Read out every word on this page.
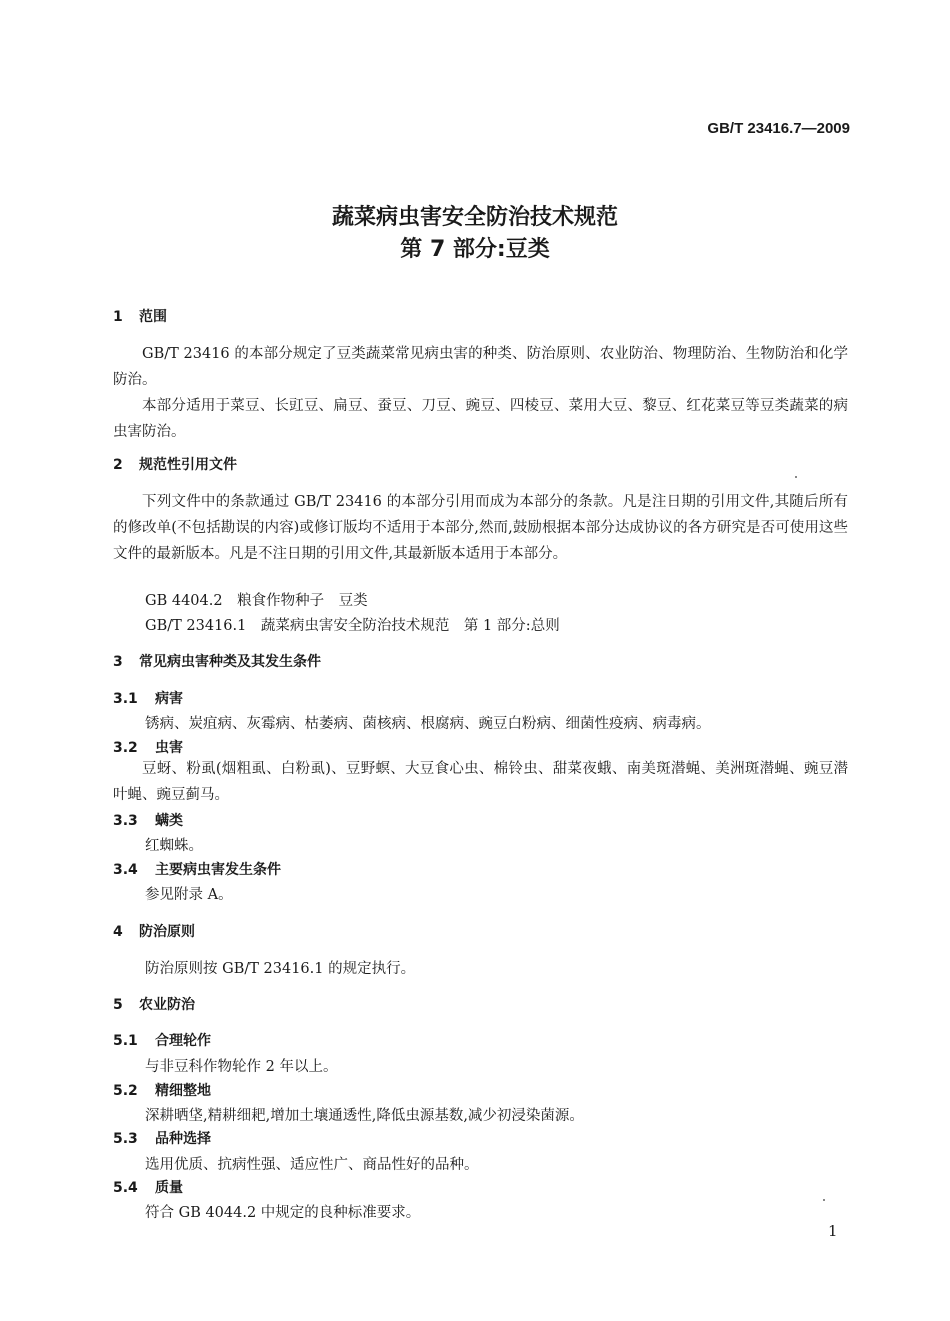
GB/T 23416.7—2009
蔬菜病虫害安全防治技术规范
第 7 部分:豆类
1 范围
GB/T 23416 的本部分规定了豆类蔬菜常见病虫害的种类、防治原则、农业防治、物理防治、生物防治和化学防治。
本部分适用于菜豆、长豇豆、扁豆、蚕豆、刀豆、豌豆、四棱豆、菜用大豆、黎豆、红花菜豆等豆类蔬菜的病虫害防治。
2 规范性引用文件
下列文件中的条款通过 GB/T 23416 的本部分引用而成为本部分的条款。凡是注日期的引用文件,其随后所有的修改单(不包括勘误的内容)或修订版均不适用于本部分,然而,鼓励根据本部分达成协议的各方研究是否可使用这些文件的最新版本。凡是不注日期的引用文件,其最新版本适用于本部分。
GB 4404.2　粮食作物种子　豆类
GB/T 23416.1　蔬菜病虫害安全防治技术规范　第 1 部分:总则
3 常见病虫害种类及其发生条件
3.1 病害
锈病、炭疽病、灰霉病、枯萎病、菌核病、根腐病、豌豆白粉病、细菌性疫病、病毒病。
3.2 虫害
豆蚜、粉虱(烟粗虱、白粉虱)、豆野螟、大豆食心虫、棉铃虫、甜菜夜蛾、南美斑潜蝇、美洲斑潜蝇、豌豆潜叶蝇、豌豆蓟马。
3.3 螨类
红蜘蛛。
3.4 主要病虫害发生条件
参见附录 A。
4 防治原则
防治原则按 GB/T 23416.1 的规定执行。
5 农业防治
5.1 合理轮作
与非豆科作物轮作 2 年以上。
5.2 精细整地
深耕晒垡,精耕细耙,增加土壤通透性,降低虫源基数,减少初浸染菌源。
5.3 品种选择
选用优质、抗病性强、适应性广、商品性好的品种。
5.4 质量
符合 GB 4044.2 中规定的良种标准要求。
1
